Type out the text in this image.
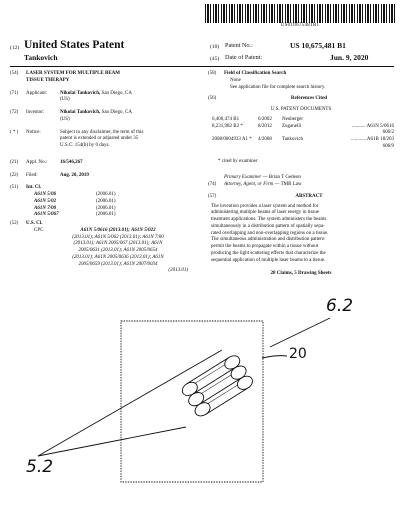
US010675481B1
(12) United States Patent
Tankovich
(10) Patent No.:	US 10,675,481 B1
(45) Date of Patent:	Jun. 9, 2020
(54)	LASER SYSTEM FOR MULTIPLE BEAM
TISSUE THERAPY
(71)	Applicant:	Nikolai Tankovich, San Diego, CA
(US)
(72)	Inventor:	Nikolai Tankovich, San Diego, CA
(US)
( * )	Notice:	Subject to any disclaimer, the term of this
patent is extended or adjusted under 35
U.S.C. 154(b) by 0 days.
(21)	Appl. No.:	16/546,267
(22)	Filed:	Aug. 20, 2019
(51)	Int. Cl.
A61N 5/06	(2006.01)
A61N 5/02	(2006.01)
A61N 7/00	(2006.01)
A61N 5/067	(2006.01)
(52)	U.S. Cl.
CPC	A61N 5/0616 (2013.01); A61N 5/022
(2013.01); A61N 5/062 (2013.01); A61N 7/00
(2013.01); A61N 2005/067 (2013.01); A61N
2005/0631 (2013.01); A61N 2005/0654
(2013.01); A61N 2005/0636 (2013.01); A61N
2005/0659 (2013.01); A61N 2007/0034
(2013.01)
(58)	Field of Classification Search
None
See application file for complete search history.
(56)	References Cited
U.S. PATENT DOCUMENTS
6,406,474 B1	6/2002	Neuberger
8,231,982 B2 *	8/2012	Zuganelli	........... A61N 5/0616
606/2
2008/0004933 A1 *	4/2008	Tankovich	............ A61B 18/203
606/9
* cited by examiner
Primary Examiner — Brian T Gedeon
(74)	Attorney, Agent, or Firm — TMB Law
(57)	ABSTRACT
The invention provides a laser system and method for
administering multiple beams of laser energy in tissue
treatment applications. The system administers the beams
simultaneously in a distribution pattern of spatially sepa-
rated overlapping and non-overlapping regions on a tissue.
The simultaneous administration and distribution pattern
permit the beams to propagate within a tissue without
producing the light scattering effects that characterize the
sequential application of multiple laser beams to a tissue.
28 Claims, 5 Drawing Sheets
6.2
20
5.2
